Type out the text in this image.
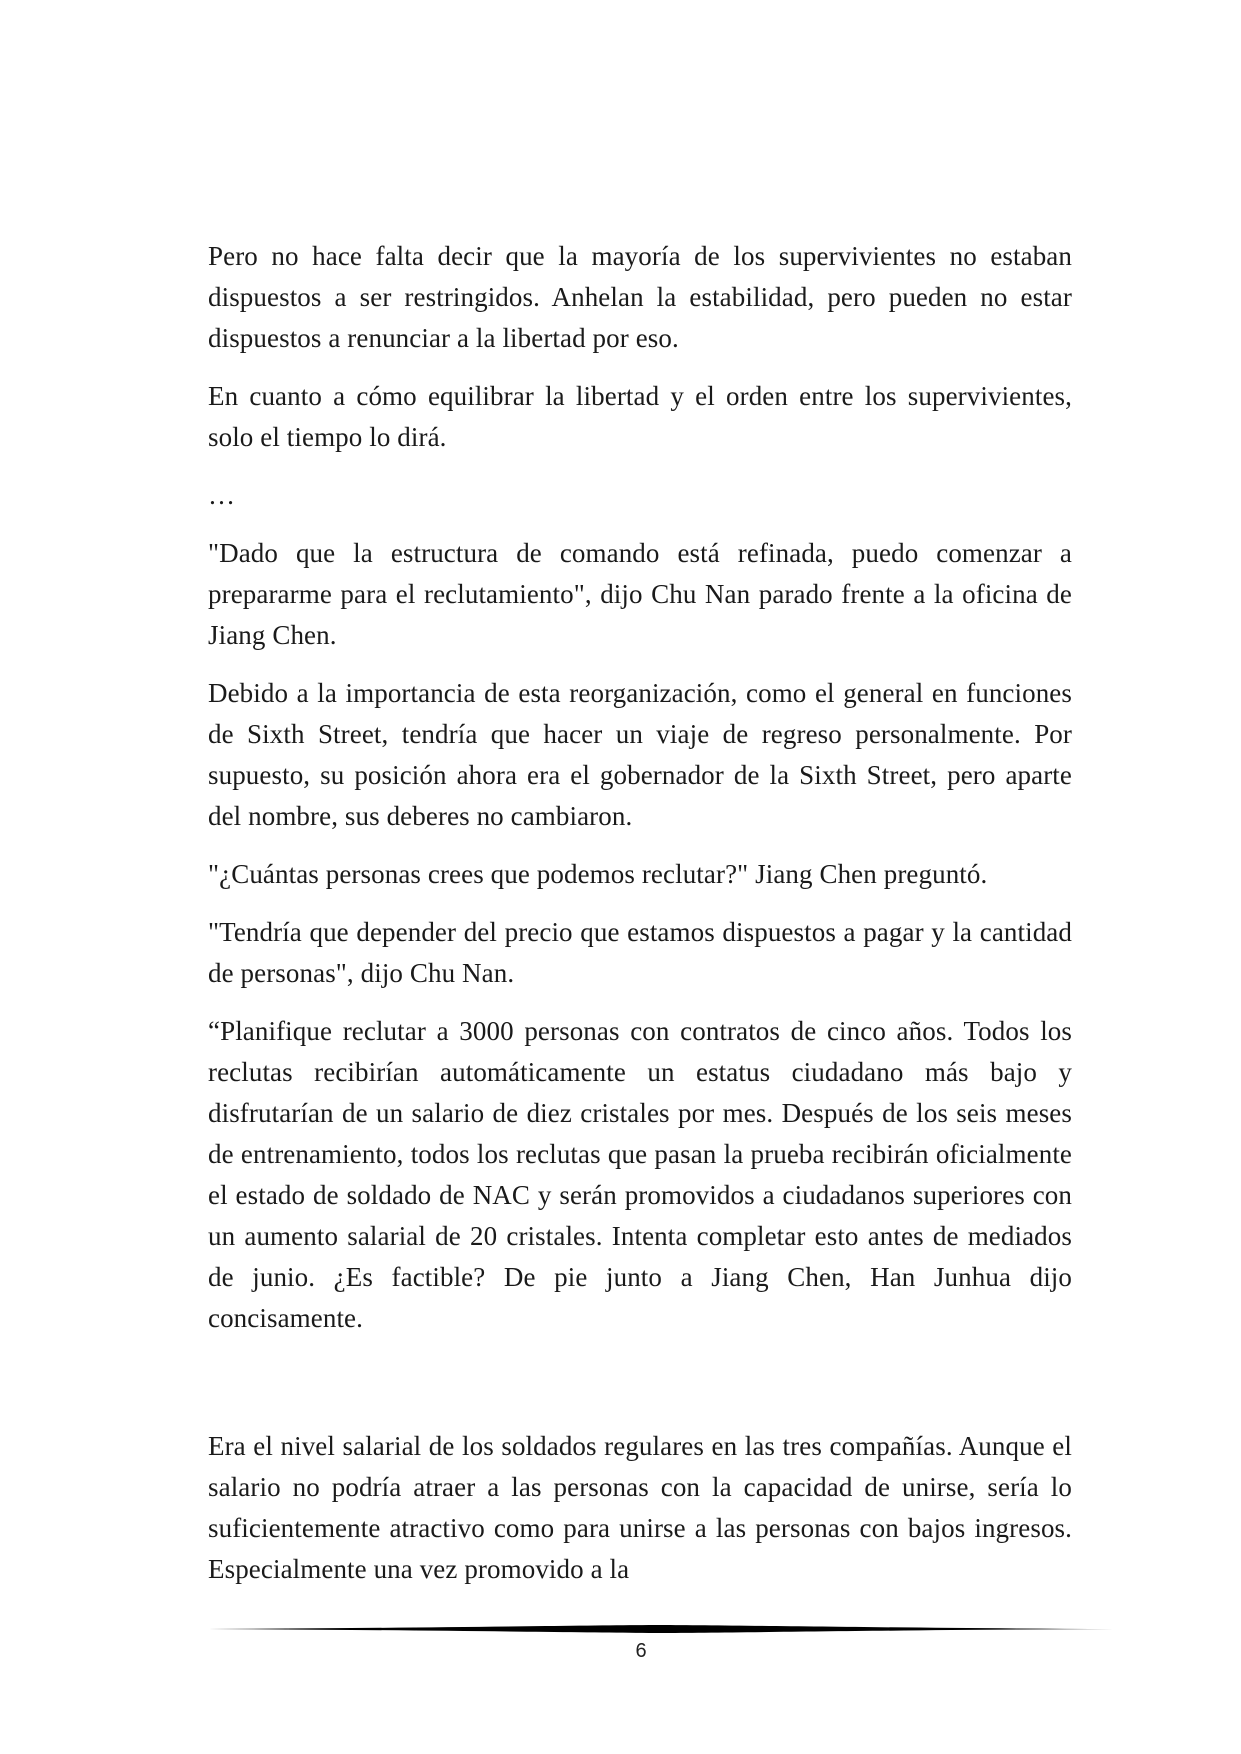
Pero no hace falta decir que la mayoría de los supervivientes no estaban dispuestos a ser restringidos. Anhelan la estabilidad, pero pueden no estar dispuestos a renunciar a la libertad por eso.

En cuanto a cómo equilibrar la libertad y el orden entre los supervivientes, solo el tiempo lo dirá.

…

"Dado que la estructura de comando está refinada, puedo comenzar a prepararme para el reclutamiento", dijo Chu Nan parado frente a la oficina de Jiang Chen.

Debido a la importancia de esta reorganización, como el general en funciones de Sixth Street, tendría que hacer un viaje de regreso personalmente. Por supuesto, su posición ahora era el gobernador de la Sixth Street, pero aparte del nombre, sus deberes no cambiaron.

"¿Cuántas personas crees que podemos reclutar?" Jiang Chen preguntó.

"Tendría que depender del precio que estamos dispuestos a pagar y la cantidad de personas", dijo Chu Nan.

“Planifique reclutar a 3000 personas con contratos de cinco años. Todos los reclutas recibirían automáticamente un estatus ciudadano más bajo y disfrutarían de un salario de diez cristales por mes. Después de los seis meses de entrenamiento, todos los reclutas que pasan la prueba recibirán oficialmente el estado de soldado de NAC y serán promovidos a ciudadanos superiores con un aumento salarial de 20 cristales. Intenta completar esto antes de mediados de junio. ¿Es factible? De pie junto a Jiang Chen, Han Junhua dijo concisamente.

Era el nivel salarial de los soldados regulares en las tres compañías. Aunque el salario no podría atraer a las personas con la capacidad de unirse, sería lo suficientemente atractivo como para unirse a las personas con bajos ingresos. Especialmente una vez promovido a la

6
